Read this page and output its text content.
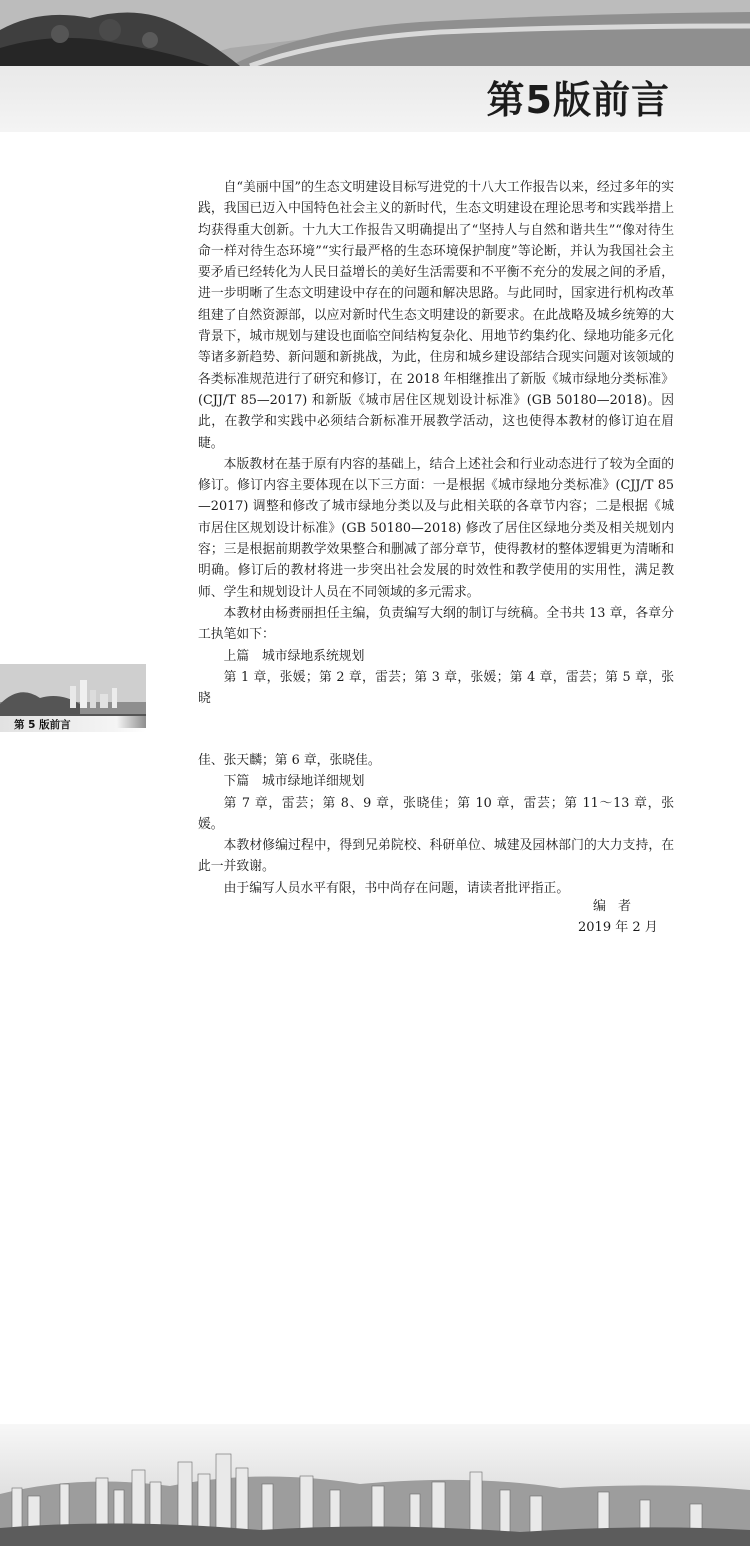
第5版前言

自“美丽中国”的生态文明建设目标写进党的十八大工作报告以来，经过多年的实践，我国已迈入中国特色社会主义的新时代，生态文明建设在理论思考和实践举措上均获得重大创新。十九大工作报告又明确提出了“坚持人与自然和谐共生”“像对待生命一样对待生态环境”“实行最严格的生态环境保护制度”等论断，并认为我国社会主要矛盾已经转化为人民日益增长的美好生活需要和不平衡不充分的发展之间的矛盾，进一步明晰了生态文明建设中存在的问题和解决思路。与此同时，国家进行机构改革组建了自然资源部，以应对新时代生态文明建设的新要求。在此战略及城乡统筹的大背景下，城市规划与建设也面临空间结构复杂化、用地节约集约化、绿地功能多元化等诸多新趋势、新问题和新挑战，为此，住房和城乡建设部结合现实问题对该领域的各类标准规范进行了研究和修订，在 2018 年相继推出了新版《城市绿地分类标准》(CJJ/T 85—2017) 和新版《城市居住区规划设计标准》(GB 50180—2018)。因此，在教学和实践中必须结合新标准开展教学活动，这也使得本教材的修订迫在眉睫。

本版教材在基于原有内容的基础上，结合上述社会和行业动态进行了较为全面的修订。修订内容主要体现在以下三方面：一是根据《城市绿地分类标准》(CJJ/T 85—2017) 调整和修改了城市绿地分类以及与此相关联的各章节内容；二是根据《城市居住区规划设计标准》(GB 50180—2018) 修改了居住区绿地分类及相关规划内容；三是根据前期教学效果整合和删减了部分章节，使得教材的整体逻辑更为清晰和明确。修订后的教材将进一步突出社会发展的时效性和教学使用的实用性，满足教师、学生和规划设计人员在不同领域的多元需求。

本教材由杨赉丽担任主编，负责编写大纲的制订与统稿。全书共 13 章，各章分工执笔如下：

上篇　城市绿地系统规划

第 1 章，张媛；第 2 章，雷芸；第 3 章，张媛；第 4 章，雷芸；第 5 章，张晓

第 5 版前言

佳、张天麟；第 6 章，张晓佳。

下篇　城市绿地详细规划

第 7 章，雷芸；第 8、9 章，张晓佳；第 10 章，雷芸；第 11～13 章，张媛。

本教材修编过程中，得到兄弟院校、科研单位、城建及园林部门的大力支持，在此一并致谢。

由于编写人员水平有限，书中尚存在问题，请读者批评指正。

编者
2019 年 2 月
